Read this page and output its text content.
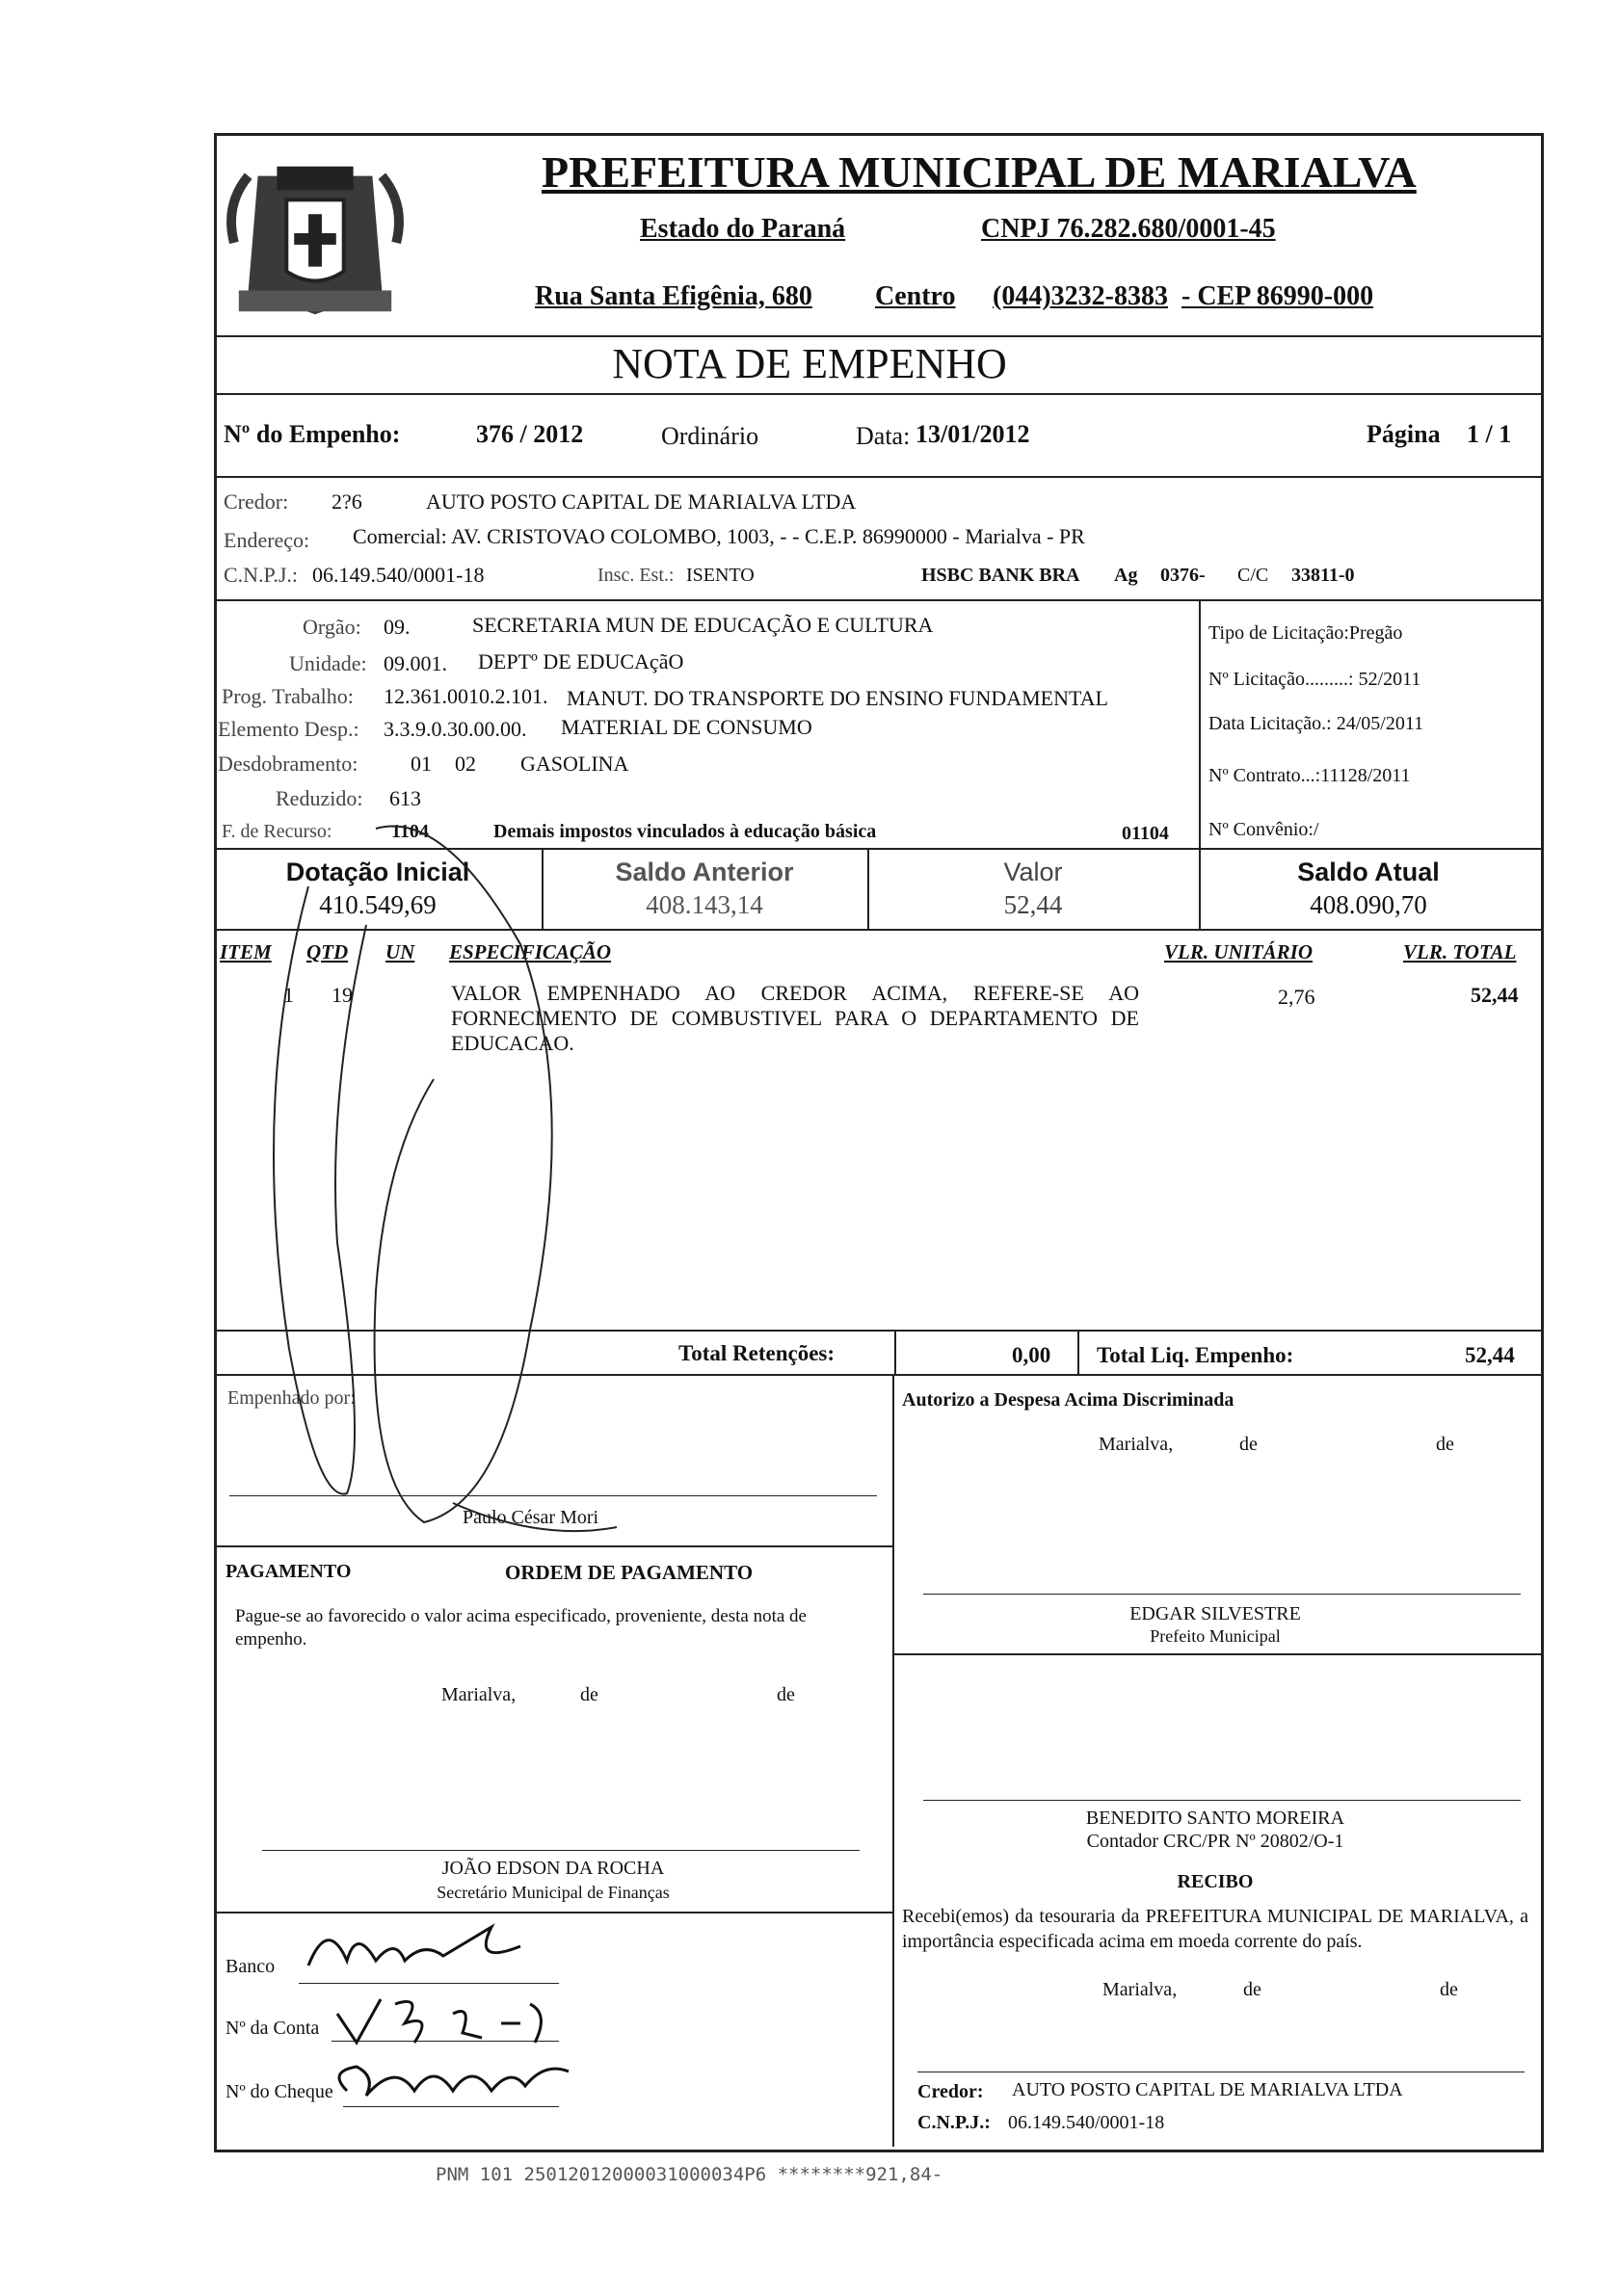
PREFEITURA MUNICIPAL DE MARIALVA
Estado do Paraná	CNPJ 76.282.680/0001-45
Rua Santa Efigênia, 680 Centro (044)3232-8383 - CEP 86990-000
NOTA DE EMPENHO
Nº do Empenho:	376 / 2012	Ordinário	Data: 13/01/2012	Página 1 / 1
Credor: 2?6	AUTO POSTO CAPITAL DE MARIALVA LTDA
Endereço: Comercial: AV. CRISTOVAO COLOMBO, 1003, - - C.E.P. 86990000 - Marialva - PR
C.N.P.J.: 06.149.540/0001-18	Insc. Est.: ISENTO	HSBC BANK BRA Ag 0376- C/C 33811-0
Orgão: 09.	SECRETARIA MUN DE EDUCAÇÃO E CULTURA
Unidade: 09.001. DEPTº DE EDUCAçãO
Prog. Trabalho: 12.361.0010.2.101. MANUT. DO TRANSPORTE DO ENSINO FUNDAMENTAL
Elemento Desp.: 3.3.9.0.30.00.00. MATERIAL DE CONSUMO
Desdobramento: 01 02 GASOLINA
Reduzido: 613
F. de Recurso:	1104	Demais impostos vinculados à educação básica	01104
Tipo de Licitação:Pregão
Nº Licitação.........: 52/2011
Data Licitação.: 24/05/2011
Nº Contrato...:11128/2011
Nº Convênio:/
Dotação Inicial
410.549,69
Saldo Anterior
408.143,14
Valor
52,44
Saldo Atual
408.090,70
ITEM QTD UN ESPECIFICAÇÃO	VLR. UNITÁRIO	VLR. TOTAL
1 19	VALOR EMPENHADO AO CREDOR ACIMA, REFERE-SE AO FORNECIMENTO DE COMBUSTIVEL PARA O DEPARTAMENTO DE EDUCACAO.
2,76	52,44
Total Retenções:	0,00 Total Liq. Empenho:	52,44
Empenhado por:
Paulo César Mori
Autorizo a Despesa Acima Discriminada
Marialva,	de	de
EDGAR SILVESTRE
Prefeito Municipal
PAGAMENTO	ORDEM DE PAGAMENTO
Pague-se ao favorecido o valor acima especificado, proveniente, desta nota de empenho.
Marialva,	de	de
JOÃO EDSON DA ROCHA
Secretário Municipal de Finanças
Banco
Nº da Conta
Nº do Cheque
BENEDITO SANTO MOREIRA
Contador CRC/PR Nº 20802/O-1
RECIBO
Recebi(emos) da tesouraria da PREFEITURA MUNICIPAL DE MARIALVA, a importância especificada acima em moeda corrente do país.
Marialva,	de	de
Credor: AUTO POSTO CAPITAL DE MARIALVA LTDA
C.N.P.J.: 06.149.540/0001-18
PNM 101 25012012000031000034P6 ********921,84-
